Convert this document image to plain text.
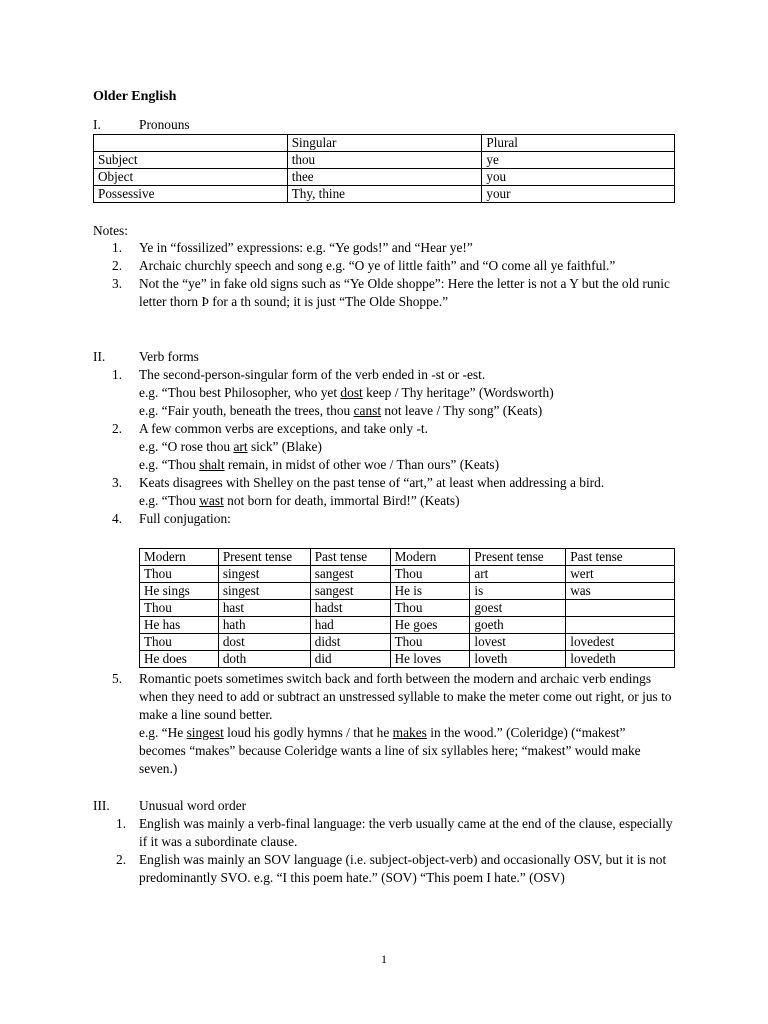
Older English
I.	Pronouns
	Singular	Plural
Subject	thou	ye
Object	thee	you
Possessive	Thy, thine	your
Notes:
1. Ye in “fossilized” expressions: e.g. “Ye gods!” and “Hear ye!”
2. Archaic churchly speech and song e.g. “O ye of little faith” and “O come all ye faithful.”
3. Not the “ye” in fake old signs such as “Ye Olde shoppe”: Here the letter is not a Y but the old runic letter thorn Þ for a th sound; it is just “The Olde Shoppe.”
II.	Verb forms
1. The second-person-singular form of the verb ended in -st or -est.
e.g. “Thou best Philosopher, who yet dost keep / Thy heritage” (Wordsworth)
e.g. “Fair youth, beneath the trees, thou canst not leave / Thy song” (Keats)
2. A few common verbs are exceptions, and take only -t.
e.g. “O rose thou art sick” (Blake)
e.g. “Thou shalt remain, in midst of other woe / Than ours” (Keats)
3. Keats disagrees with Shelley on the past tense of “art,” at least when addressing a bird.
e.g. “Thou wast not born for death, immortal Bird!” (Keats)
4. Full conjugation:
Modern	Present tense	Past tense	Modern	Present tense	Past tense
Thou	singest	sangest	Thou	art	wert
He sings	singest	sangest	He is	is	was
Thou	hast	hadst	Thou	goest	
He has	hath	had	He goes	goeth	
Thou	dost	didst	Thou	lovest	lovedest
He does	doth	did	He loves	loveth	lovedeth
5. Romantic poets sometimes switch back and forth between the modern and archaic verb endings when they need to add or subtract an unstressed syllable to make the meter come out right, or jus to make a line sound better.
e.g. “He singest loud his godly hymns / that he makes in the wood.” (Coleridge) (“makest” becomes “makes” because Coleridge wants a line of six syllables here; “makest” would make seven.)
III. Unusual word order
1. English was mainly a verb-final language: the verb usually came at the end of the clause, especially if it was a subordinate clause.
2. English was mainly an SOV language (i.e. subject-object-verb) and occasionally OSV, but it is not predominantly SVO. e.g. “I this poem hate.” (SOV) “This poem I hate.” (OSV)
1
